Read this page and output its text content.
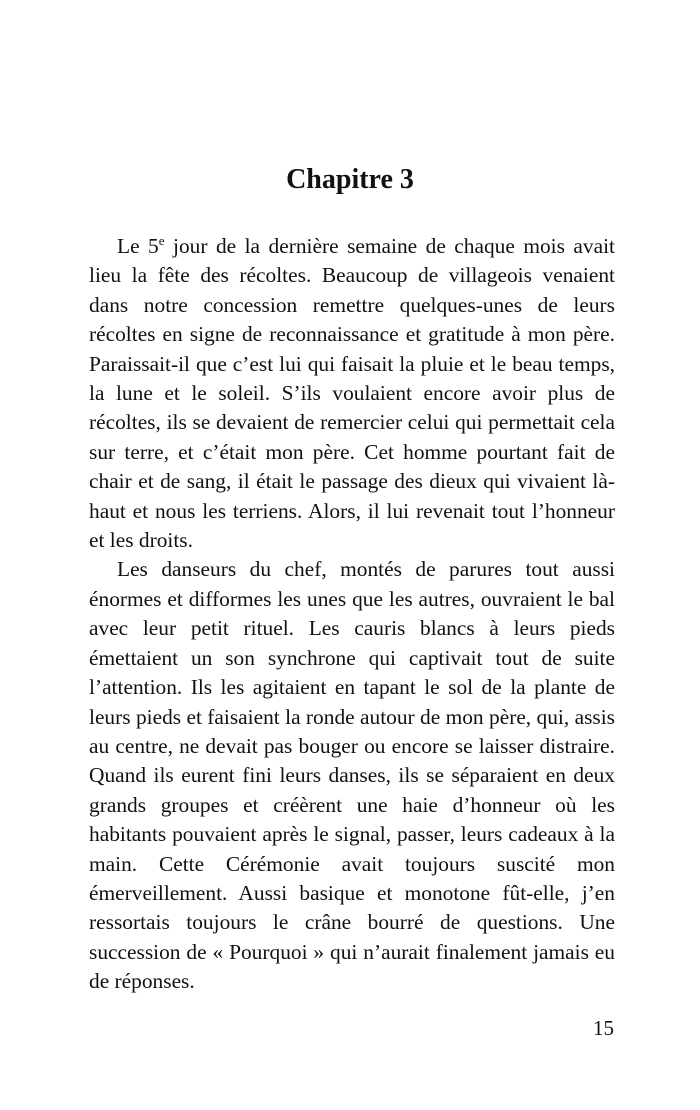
Chapitre 3

Le 5e jour de la dernière semaine de chaque mois avait lieu la fête des récoltes. Beaucoup de villageois venaient dans notre concession remettre quelques-unes de leurs récoltes en signe de reconnaissance et gratitude à mon père. Paraissait-il que c’est lui qui faisait la pluie et le beau temps, la lune et le soleil. S’ils voulaient encore avoir plus de récoltes, ils se devaient de remercier celui qui permettait cela sur terre, et c’était mon père. Cet homme pourtant fait de chair et de sang, il était le passage des dieux qui vivaient là-haut et nous les terriens. Alors, il lui revenait tout l’honneur et les droits.

Les danseurs du chef, montés de parures tout aussi énormes et difformes les unes que les autres, ouvraient le bal avec leur petit rituel. Les cauris blancs à leurs pieds émettaient un son synchrone qui captivait tout de suite l’attention. Ils les agitaient en tapant le sol de la plante de leurs pieds et faisaient la ronde autour de mon père, qui, assis au centre, ne devait pas bouger ou encore se laisser distraire. Quand ils eurent fini leurs danses, ils se séparaient en deux grands groupes et créèrent une haie d’honneur où les habitants pouvaient après le signal, passer, leurs cadeaux à la main. Cette Cérémonie avait toujours suscité mon émerveillement. Aussi basique et monotone fût-elle, j’en ressortais toujours le crâne bourré de questions. Une succession de « Pourquoi » qui n’aurait finalement jamais eu de réponses.

15
